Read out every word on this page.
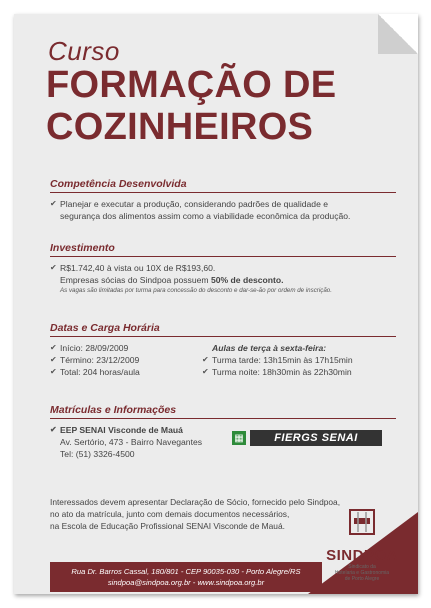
Curso
FORMAÇÃO DE
COZINHEIROS
Competência Desenvolvida
✔ Planejar e executar a produção, considerando padrões de qualidade e
segurança dos alimentos assim como a viabilidade econômica da produção.
Investimento
✔ R$1.742,40 à vista ou 10X de R$193,60.
Empresas sócias do Sindpoa possuem 50% de desconto.
As vagas são limitadas por turma para concessão do desconto e dar-se-ão por ordem de inscrição.
Datas e Carga Horária
✔ Início: 28/09/2009
✔ Término: 23/12/2009
✔ Total: 204 horas/aula
Aulas de terça à sexta-feira:
✔ Turma tarde: 13h15min às 17h15min
✔ Turma noite: 18h30min às 22h30min
Matrículas e Informações
✔ EEP SENAI Visconde de Mauá
Av. Sertório, 473 - Bairro Navegantes
Tel: (51) 3326-4500
▦	FIERGS SENAI
Interessados devem apresentar Declaração de Sócio, fornecido pelo Sindpoa,
no ato da matrícula, junto com demais documentos necessários,
na Escola de Educação Profissional SENAI Visconde de Mauá.
Rua Dr. Barros Cassal, 180/801 - CEP 90035-030 - Porto Alegre/RS
sindpoa@sindpoa.org.br - www.sindpoa.org.br
SINDPOA
Sindicato da
Hotelaria e Gastronomia
de Porto Alegre
